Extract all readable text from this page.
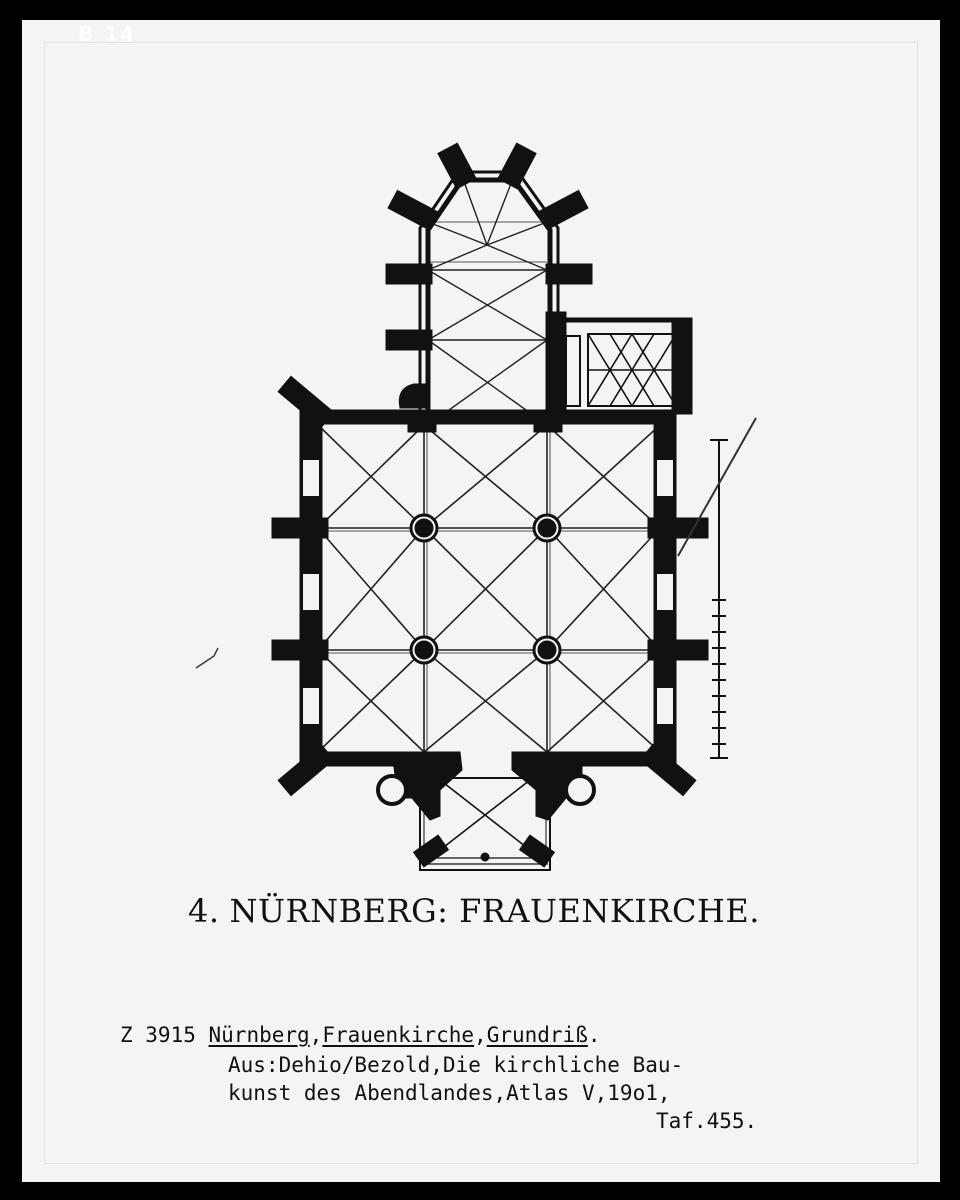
B 14
4. NÜRNBERG: FRAUENKIRCHE.
Z 3915 Nürnberg,Frauenkirche,Grundriß.
Aus:Dehio/Bezold,Die kirchliche Bau-
kunst des Abendlandes,Atlas V,19o1,
Taf.455.
